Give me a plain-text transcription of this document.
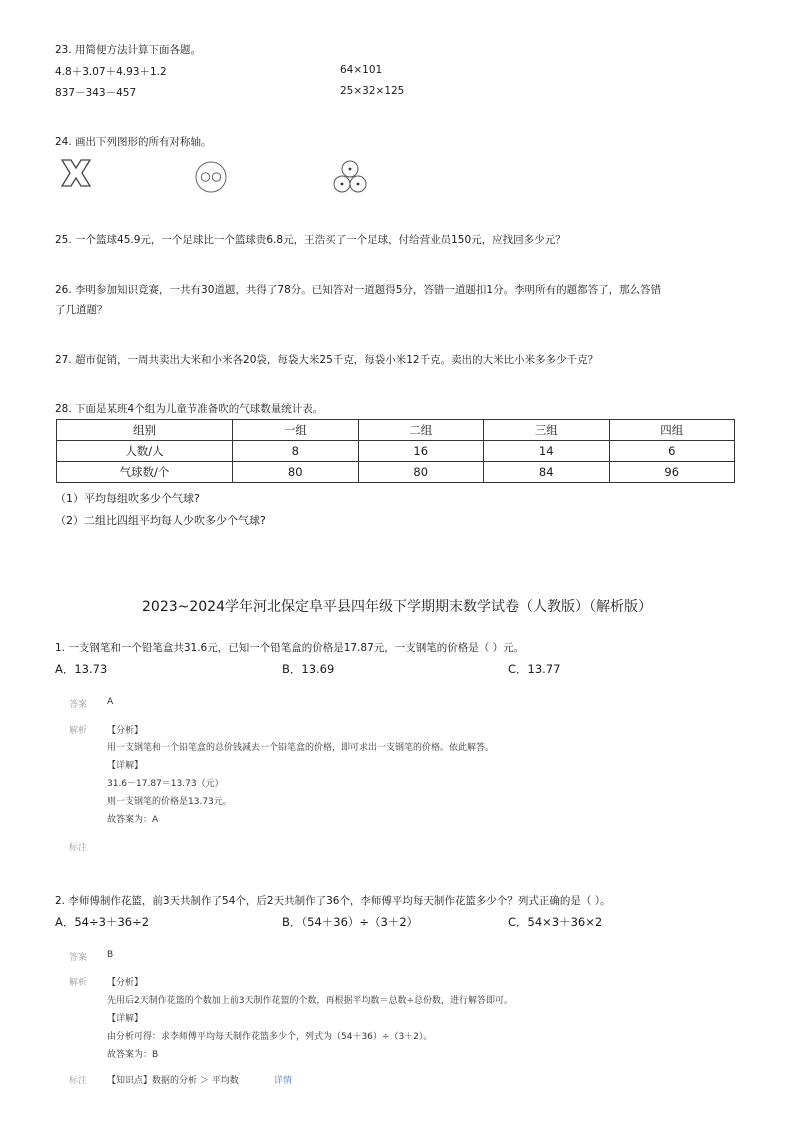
23. 用简便方法计算下面各题。
4.8＋3.07＋4.93＋1.2	64×101
837－343－457	25×32×125
24. 画出下列图形的所有对称轴。
25. 一个篮球45.9元，一个足球比一个篮球贵6.8元，王浩买了一个足球，付给营业员150元，应找回多少元？
26. 李明参加知识竞赛，一共有30道题，共得了78分。已知答对一道题得5分，答错一道题扣1分。李明所有的题都答了，那么答错
了几道题？
27. 超市促销，一周共卖出大米和小米各20袋，每袋大米25千克，每袋小米12千克。卖出的大米比小米多多少千克？
28. 下面是某班4个组为儿童节准备吹的气球数量统计表。
组别	一组	二组	三组	四组
人数/人	8	16	14	6
气球数/个	80	80	84	96
（1）平均每组吹多少个气球?
（2）二组比四组平均每人少吹多少个气球?
2023~2024学年河北保定阜平县四年级下学期期末数学试卷（人教版）（解析版）
1. 一支钢笔和一个铅笔盒共31.6元，已知一个铅笔盒的价格是17.87元，一支钢笔的价格是（ ）元。
A．13.73	B．13.69	C．13.77
答案 A
解析 【分析】
用一支钢笔和一个铅笔盒的总价钱减去一个铅笔盒的价格，即可求出一支钢笔的价格。依此解答。
【详解】
31.6－17.87＝13.73（元）
则一支钢笔的价格是13.73元。
故答案为：A
标注
2. 李师傅制作花篮，前3天共制作了54个，后2天共制作了36个，李师傅平均每天制作花篮多少个？列式正确的是（ ）。
A．54÷3＋36÷2	B．（54＋36）÷（3＋2）	C．54×3＋36×2
答案 B
解析 【分析】
先用后2天制作花篮的个数加上前3天制作花篮的个数，再根据平均数＝总数÷总份数，进行解答即可。
【详解】
由分析可得：求李师傅平均每天制作花篮多少个，列式为（54＋36）÷（3＋2）。
故答案为：B
标注 【知识点】数据的分析 ＞ 平均数	详情
